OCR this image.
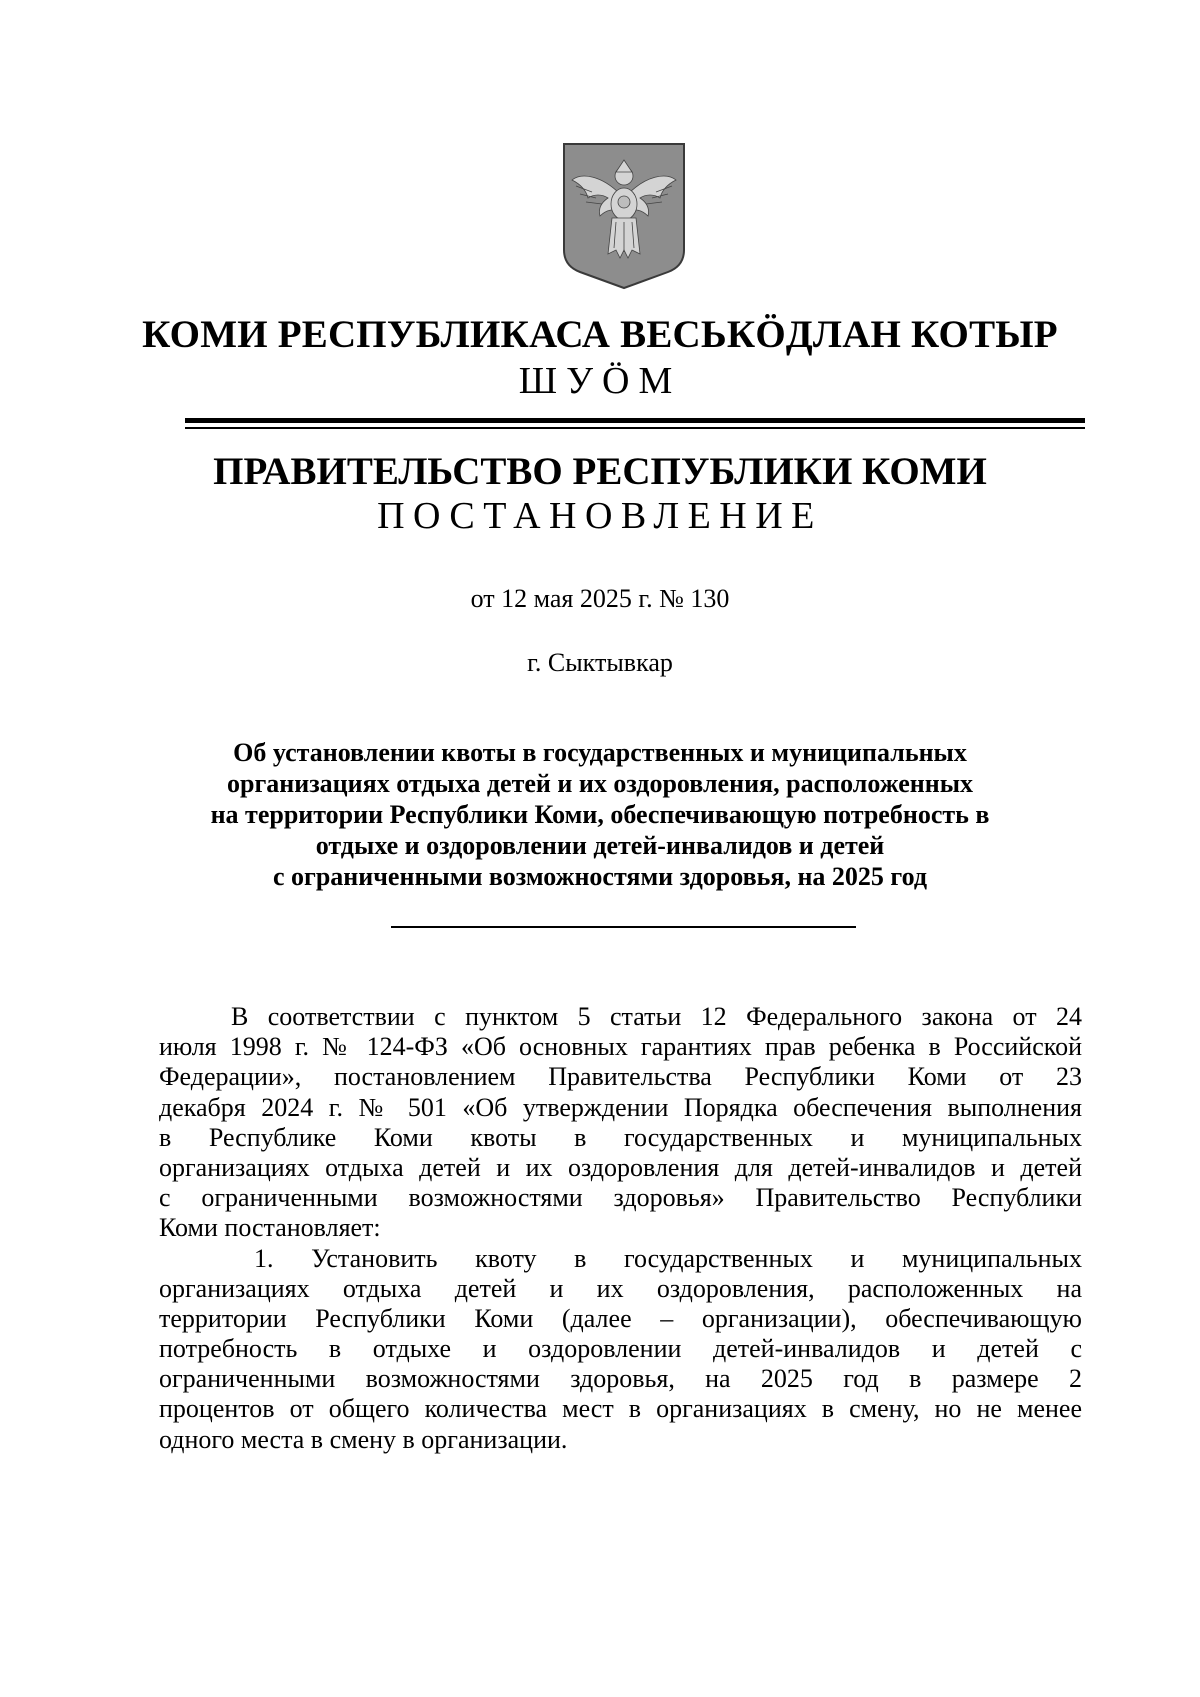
КОМИ РЕСПУБЛИКАСА ВЕСЬКӦДЛАН КОТЫР
ШУӦМ
ПРАВИТЕЛЬСТВО РЕСПУБЛИКИ КОМИ
ПОСТАНОВЛЕНИЕ
от 12 мая 2025 г. № 130
г. Сыктывкар
Об установлении квоты в государственных и муниципальных
организациях отдыха детей и их оздоровления, расположенных
на территории Республики Коми, обеспечивающую потребность в
отдыхе и оздоровлении детей-инвалидов и детей
с ограниченными возможностями здоровья, на 2025 год
В соответствии с пунктом 5 статьи 12 Федерального закона от 24
июля 1998 г. № 124-ФЗ «Об основных гарантиях прав ребенка в Российской
Федерации», постановлением Правительства Республики Коми от 23
декабря 2024 г. № 501 «Об утверждении Порядка обеспечения выполнения
в Республике Коми квоты в государственных и муниципальных
организациях отдыха детей и их оздоровления для детей-инвалидов и детей
с ограниченными возможностями здоровья» Правительство Республики
Коми постановляет:
1. Установить квоту в государственных и муниципальных
организациях отдыха детей и их оздоровления, расположенных на
территории Республики Коми (далее – организации), обеспечивающую
потребность в отдыхе и оздоровлении детей-инвалидов и детей с
ограниченными возможностями здоровья, на 2025 год в размере 2
процентов от общего количества мест в организациях в смену, но не менее
одного места в смену в организации.
